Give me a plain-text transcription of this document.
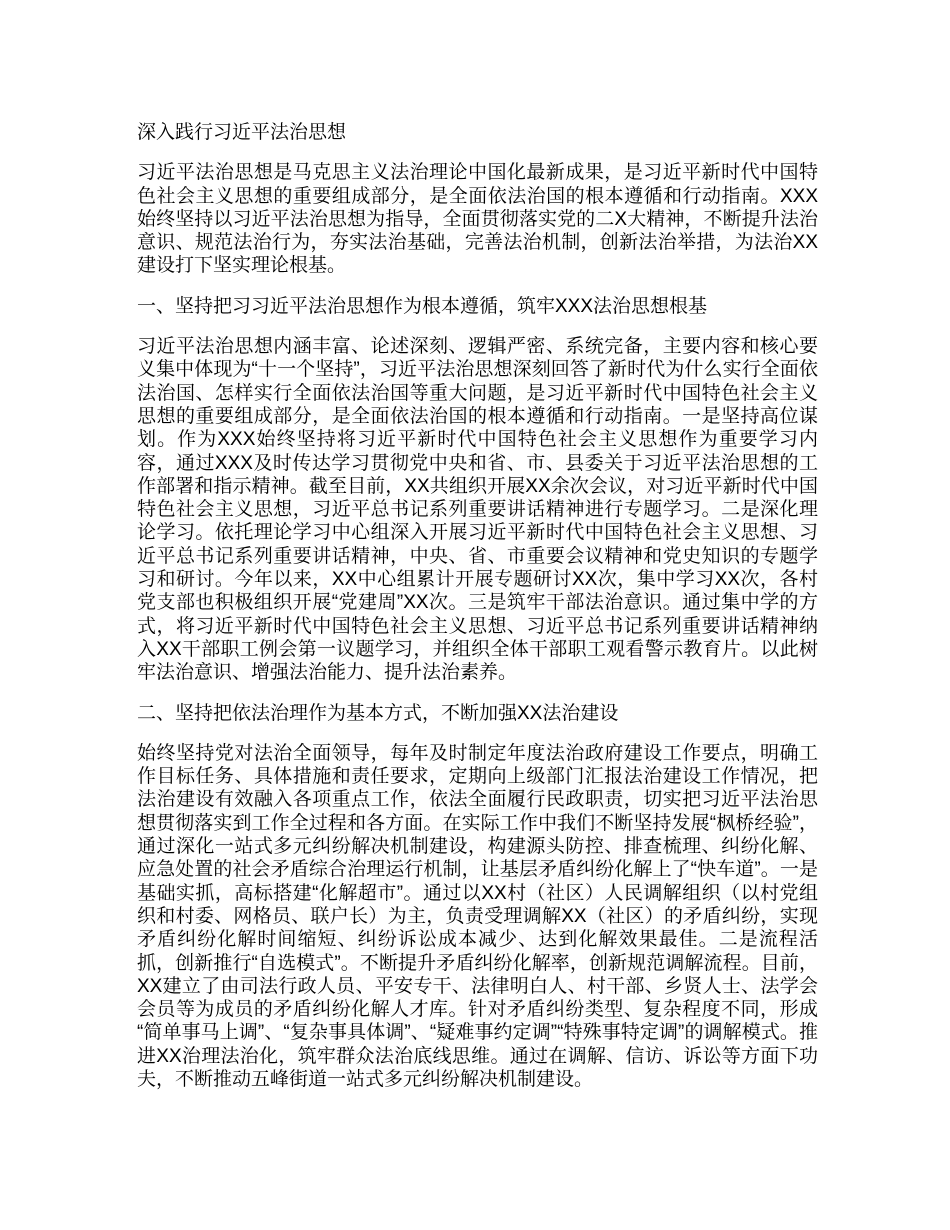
深入践行习近平法治思想

习近平法治思想是马克思主义法治理论中国化最新成果，是习近平新时代中国特色社会主义思想的重要组成部分，是全面依法治国的根本遵循和行动指南。XXX始终坚持以习近平法治思想为指导，全面贯彻落实党的二X大精神，不断提升法治意识、规范法治行为，夯实法治基础，完善法治机制，创新法治举措，为法治XX建设打下坚实理论根基。

一、坚持把习习近平法治思想作为根本遵循，筑牢XXX法治思想根基

习近平法治思想内涵丰富、论述深刻、逻辑严密、系统完备，主要内容和核心要义集中体现为“十一个坚持”，习近平法治思想深刻回答了新时代为什么实行全面依法治国、怎样实行全面依法治国等重大问题，是习近平新时代中国特色社会主义思想的重要组成部分，是全面依法治国的根本遵循和行动指南。一是坚持高位谋划。作为XXX始终坚持将习近平新时代中国特色社会主义思想作为重要学习内容，通过XXX及时传达学习贯彻党中央和省、市、县委关于习近平法治思想的工作部署和指示精神。截至目前，XX共组织开展XX余次会议，对习近平新时代中国特色社会主义思想，习近平总书记系列重要讲话精神进行专题学习。二是深化理论学习。依托理论学习中心组深入开展习近平新时代中国特色社会主义思想、习近平总书记系列重要讲话精神，中央、省、市重要会议精神和党史知识的专题学习和研讨。今年以来，XX中心组累计开展专题研讨XX次，集中学习XX次，各村党支部也积极组织开展“党建周”XX次。三是筑牢干部法治意识。通过集中学的方式，将习近平新时代中国特色社会主义思想、习近平总书记系列重要讲话精神纳入XX干部职工例会第一议题学习，并组织全体干部职工观看警示教育片。以此树牢法治意识、增强法治能力、提升法治素养。

二、坚持把依法治理作为基本方式，不断加强XX法治建设

始终坚持党对法治全面领导，每年及时制定年度法治政府建设工作要点，明确工作目标任务、具体措施和责任要求，定期向上级部门汇报法治建设工作情况，把法治建设有效融入各项重点工作，依法全面履行民政职责，切实把习近平法治思想贯彻落实到工作全过程和各方面。在实际工作中我们不断坚持发展“枫桥经验”，通过深化一站式多元纠纷解决机制建设，构建源头防控、排查梳理、纠纷化解、应急处置的社会矛盾综合治理运行机制，让基层矛盾纠纷化解上了“快车道”。一是基础实抓，高标搭建“化解超市”。通过以XX村（社区）人民调解组织（以村党组织和村委、网格员、联户长）为主，负责受理调解XX（社区）的矛盾纠纷，实现矛盾纠纷化解时间缩短、纠纷诉讼成本减少、达到化解效果最佳。二是流程活抓，创新推行“自选模式”。不断提升矛盾纠纷化解率，创新规范调解流程。目前，XX建立了由司法行政人员、平安专干、法律明白人、村干部、乡贤人士、法学会会员等为成员的矛盾纠纷化解人才库。针对矛盾纠纷类型、复杂程度不同，形成“简单事马上调”、“复杂事具体调”、“疑难事约定调”“特殊事特定调”的调解模式。推进XX治理法治化，筑牢群众法治底线思维。通过在调解、信访、诉讼等方面下功夫，不断推动五峰街道一站式多元纠纷解决机制建设。
